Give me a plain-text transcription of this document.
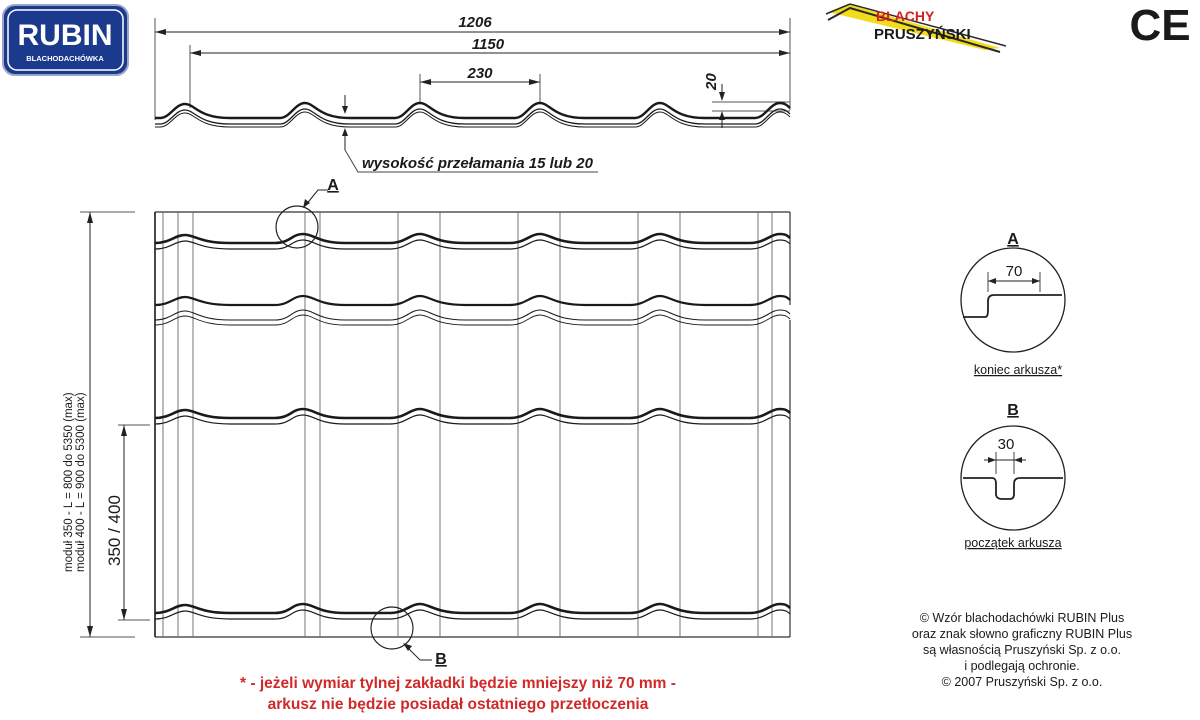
RUBIN
BLACHODACHÓWKA
BLACHY
PRUSZYŃSKI	CE
1206
1150
230	20
wysokość przełamania 15 lub 20
A
B
moduł 350 - L = 800 do 5350 (max) moduł 400 - L = 900 do 5300 (max) 350 / 400
A
70
koniec arkusza*
B
30
początek arkusza
* - jeżeli wymiar tylnej zakładki będzie mniejszy niż 70 mm -
arkusz nie będzie posiadał ostatniego przetłoczenia
© Wzór blachodachówki RUBIN Plus
oraz znak słowno graficzny RUBIN Plus
są własnością Pruszyński Sp. z o.o.
i podlegają ochronie.
© 2007 Pruszyński Sp. z o.o.
